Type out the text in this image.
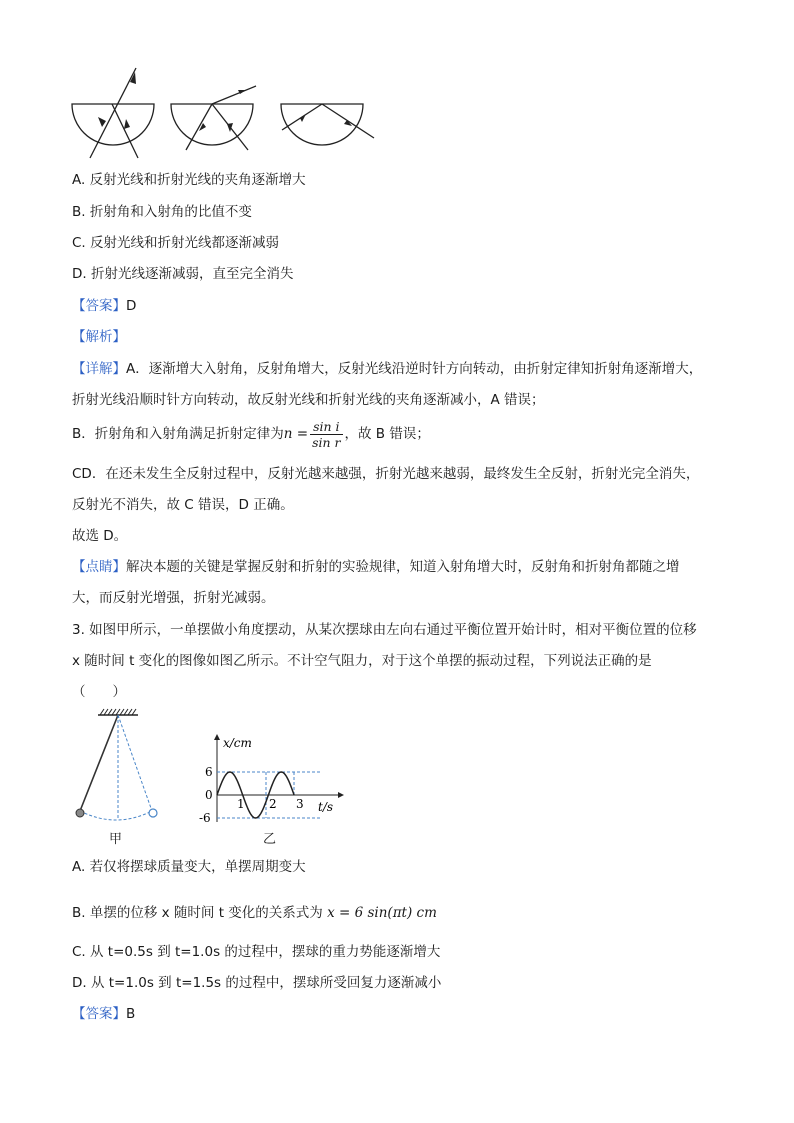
A. 反射光线和折射光线的夹角逐渐增大
B. 折射角和入射角的比值不变
C. 反射光线和折射光线都逐渐减弱
D. 折射光线逐渐减弱，直至完全消失
【答案】D
【解析】
【详解】A．逐渐增大入射角，反射角增大，反射光线沿逆时针方向转动，由折射定律知折射角逐渐增大，
折射光线沿顺时针方向转动，故反射光线和折射光线的夹角逐渐减小，A 错误；
B．折射角和入射角满足折射定律为$n = \frac{\text{sin i}}{\text{sin r}}$ ，故 B 错误；
CD．在还未发生全反射过程中，反射光越来越强，折射光越来越弱，最终发生全反射，折射光完全消失，
反射光不消失，故 C 错误，D 正确。
故选 D。
【点睛】解决本题的关键是掌握反射和折射的实验规律，知道入射角增大时，反射角和折射角都随之增
大，而反射光增强，折射光减弱。
3. 如图甲所示，一单摆做小角度摆动，从某次摆球由左向右通过平衡位置开始计时，相对平衡位置的位移
x 随时间 t 变化的图像如图乙所示。不计空气阻力，对于这个单摆的振动过程，下列说法正确的是
（　　）
甲
x/cm
t/s
6
0
-6
1 2 3
乙
A. 若仅将摆球质量变大，单摆周期变大
B. 单摆的位移 x 随时间 t 变化的关系式为 x = 6 sin(πt) cm
C. 从 t=0.5s 到 t=1.0s 的过程中，摆球的重力势能逐渐增大
D. 从 t=1.0s 到 t=1.5s 的过程中，摆球所受回复力逐渐减小
【答案】B
